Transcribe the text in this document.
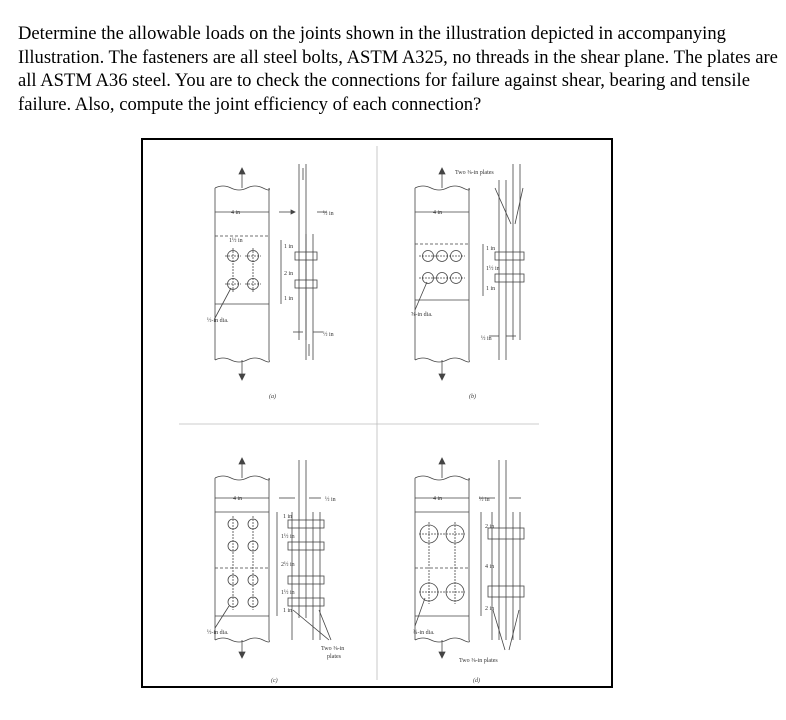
Determine the allowable loads on the joints shown in the illustration depicted in accompanying Illustration. The fasteners are all steel bolts, ASTM A325, no threads in the shear plane. The plates are all ASTM A36 steel. You are to check the connections for failure against shear, bearing and tensile failure. Also, compute the joint efficiency of each connection?

4 in
1½ in
½-in dia.
½ in
½ in
1 in
2 in
1 in
(a)
4 in
⅝-in dia.
Two ⅜-in plates
1 in
1½ in
1 in
½ in
(b)
4 in
½-in dia.
½ in
1 in
1½ in
2½ in
1½ in
1 in
Two ⅜-in
plates
(c)
4 in
¾-in dia.
½ in
2 in
4 in
2 in
Two ⅜-in plates
(d)
